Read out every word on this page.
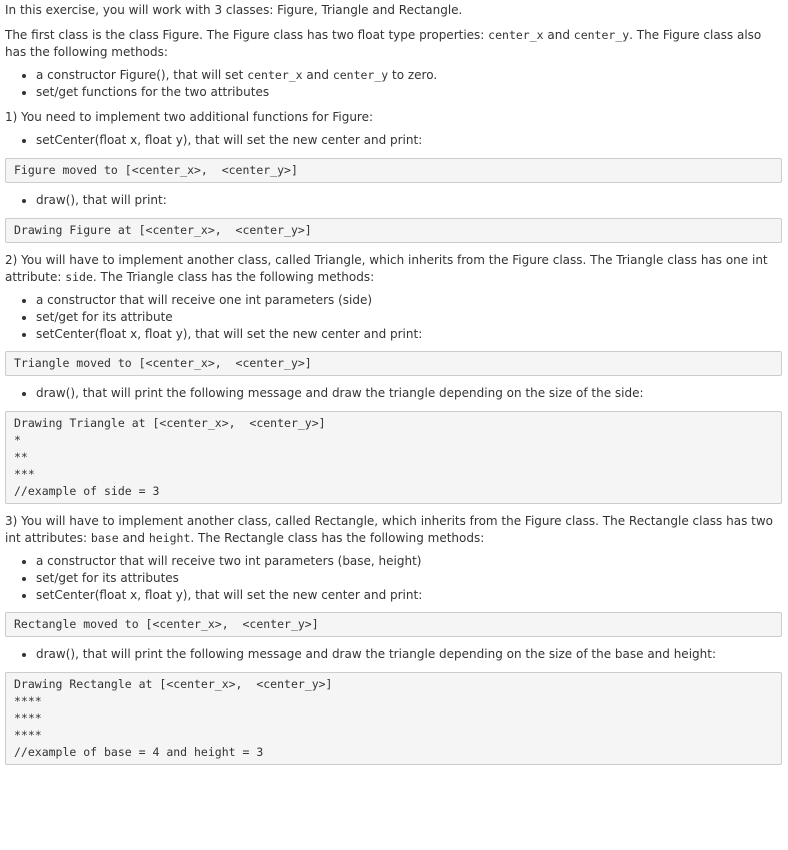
In this exercise, you will work with 3 classes: Figure, Triangle and Rectangle.

The first class is the class Figure. The Figure class has two float type properties: center_x and center_y. The Figure class also has the following methods:

• a constructor Figure(), that will set center_x and center_y to zero.
• set/get functions for the two attributes

1) You need to implement two additional functions for Figure:

• setCenter(float x, float y), that will set the new center and print:
Figure moved to [<center_x>,  <center_y>]
• draw(), that will print:
Drawing Figure at [<center_x>,  <center_y>]

2) You will have to implement another class, called Triangle, which inherits from the Figure class. The Triangle class has one int attribute: side. The Triangle class has the following methods:

• a constructor that will receive one int parameters (side)
• set/get for its attribute
• setCenter(float x, float y), that will set the new center and print:
Triangle moved to [<center_x>,  <center_y>]
• draw(), that will print the following message and draw the triangle depending on the size of the side:
Drawing Triangle at [<center_x>,  <center_y>]
*
**
***
//example of side = 3

3) You will have to implement another class, called Rectangle, which inherits from the Figure class. The Rectangle class has two int attributes: base and height. The Rectangle class has the following methods:

• a constructor that will receive two int parameters (base, height)
• set/get for its attributes
• setCenter(float x, float y), that will set the new center and print:
Rectangle moved to [<center_x>,  <center_y>]
• draw(), that will print the following message and draw the triangle depending on the size of the base and height:
Drawing Rectangle at [<center_x>,  <center_y>]
****
****
****
//example of base = 4 and height = 3
